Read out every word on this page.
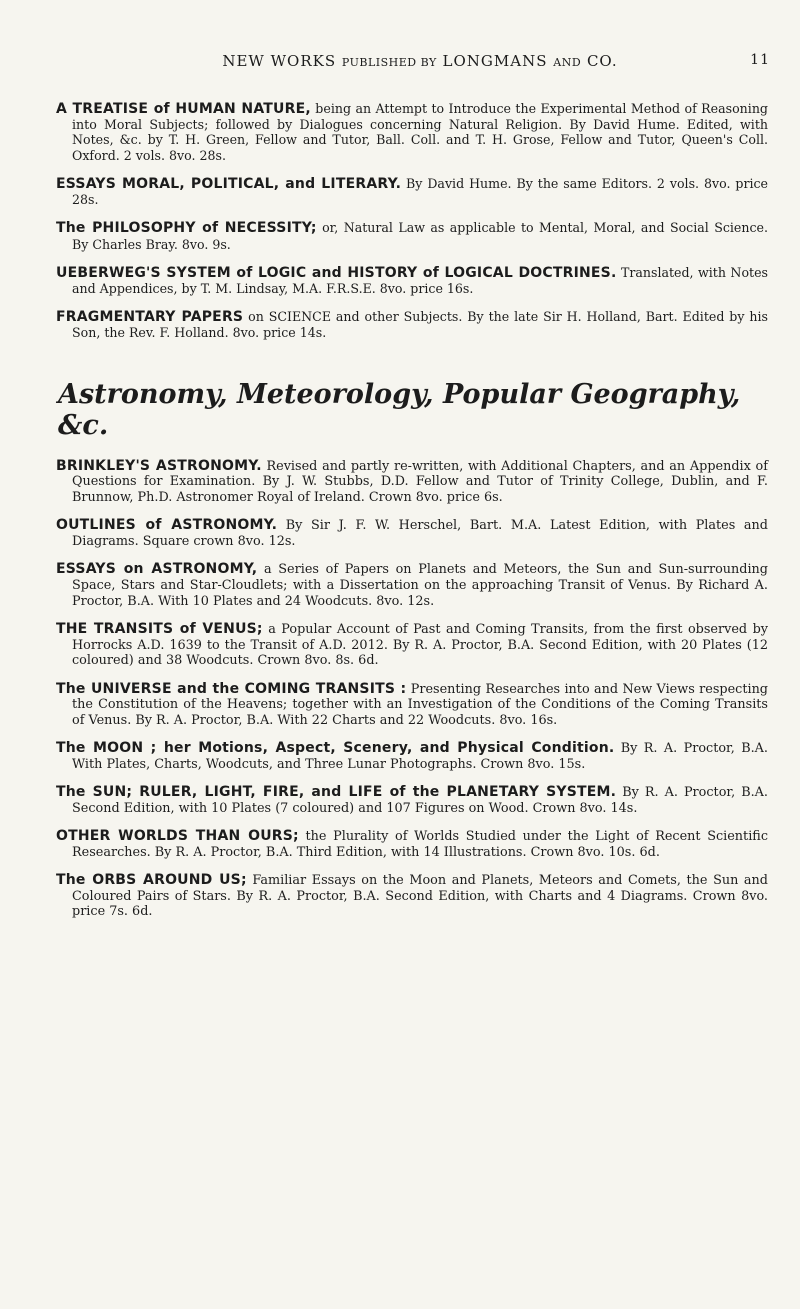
NEW WORKS PUBLISHED BY LONGMANS AND CO.	11

A TREATISE of HUMAN NATURE, being an Attempt to Introduce the Experimental Method of Reasoning into Moral Subjects; followed by Dialogues concerning Natural Religion. By David Hume. Edited, with Notes, &c. by T. H. Green, Fellow and Tutor, Ball. Coll. and T. H. Grose, Fellow and Tutor, Queen's Coll. Oxford. 2 vols. 8vo. 28s.

ESSAYS MORAL, POLITICAL, and LITERARY. By David Hume. By the same Editors. 2 vols. 8vo. price 28s.

The PHILOSOPHY of NECESSITY; or, Natural Law as applicable to Mental, Moral, and Social Science. By Charles Bray. 8vo. 9s.

UEBERWEG'S SYSTEM of LOGIC and HISTORY of LOGICAL DOCTRINES. Translated, with Notes and Appendices, by T. M. Lindsay, M.A. F.R.S.E. 8vo. price 16s.

FRAGMENTARY PAPERS on SCIENCE and other Subjects. By the late Sir H. Holland, Bart. Edited by his Son, the Rev. F. Holland. 8vo. price 14s.

Astronomy, Meteorology, Popular Geography, &c.

BRINKLEY'S ASTRONOMY. Revised and partly re-written, with Additional Chapters, and an Appendix of Questions for Examination. By J. W. Stubbs, D.D. Fellow and Tutor of Trinity College, Dublin, and F. Brunnow, Ph.D. Astronomer Royal of Ireland. Crown 8vo. price 6s.

OUTLINES of ASTRONOMY. By Sir J. F. W. Herschel, Bart. M.A. Latest Edition, with Plates and Diagrams. Square crown 8vo. 12s.

ESSAYS on ASTRONOMY, a Series of Papers on Planets and Meteors, the Sun and Sun-surrounding Space, Stars and Star-Cloudlets; with a Dissertation on the approaching Transit of Venus. By Richard A. Proctor, B.A. With 10 Plates and 24 Woodcuts. 8vo. 12s.

THE TRANSITS of VENUS; a Popular Account of Past and Coming Transits, from the first observed by Horrocks A.D. 1639 to the Transit of A.D. 2012. By R. A. Proctor, B.A. Second Edition, with 20 Plates (12 coloured) and 38 Woodcuts. Crown 8vo. 8s. 6d.

The UNIVERSE and the COMING TRANSITS : Presenting Researches into and New Views respecting the Constitution of the Heavens; together with an Investigation of the Conditions of the Coming Transits of Venus. By R. A. Proctor, B.A. With 22 Charts and 22 Woodcuts. 8vo. 16s.

The MOON ; her Motions, Aspect, Scenery, and Physical Condition. By R. A. Proctor, B.A. With Plates, Charts, Woodcuts, and Three Lunar Photographs. Crown 8vo. 15s.

The SUN; RULER, LIGHT, FIRE, and LIFE of the PLANETARY SYSTEM. By R. A. Proctor, B.A. Second Edition, with 10 Plates (7 coloured) and 107 Figures on Wood. Crown 8vo. 14s.

OTHER WORLDS THAN OURS; the Plurality of Worlds Studied under the Light of Recent Scientific Researches. By R. A. Proctor, B.A. Third Edition, with 14 Illustrations. Crown 8vo. 10s. 6d.

The ORBS AROUND US; Familiar Essays on the Moon and Planets, Meteors and Comets, the Sun and Coloured Pairs of Stars. By R. A. Proctor, B.A. Second Edition, with Charts and 4 Diagrams. Crown 8vo. price 7s. 6d.
